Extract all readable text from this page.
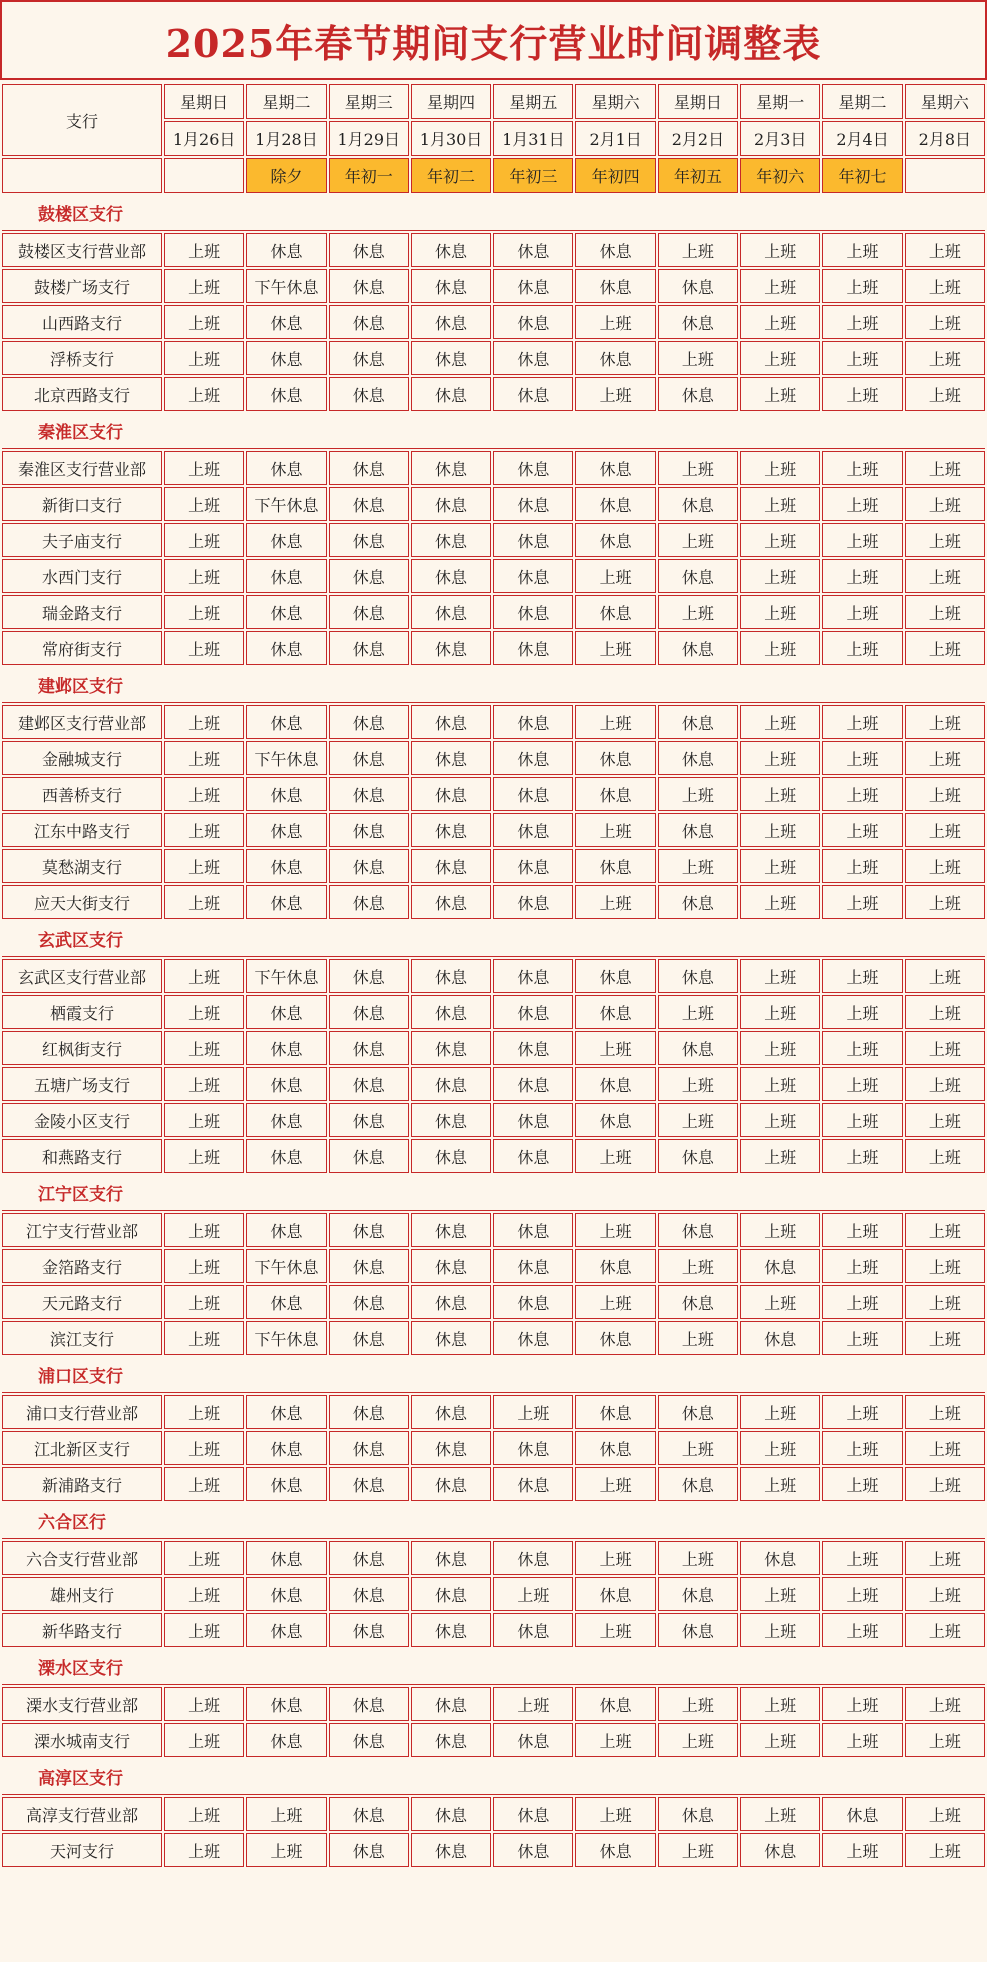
2025年春节期间支行营业时间调整表
支行	星期日	星期二	星期三	星期四	星期五	星期六	星期日	星期一	星期二	星期六
	1月26日	1月28日	1月29日	1月30日	1月31日	2月1日	2月2日	2月3日	2月4日	2月8日
		除夕	年初一	年初二	年初三	年初四	年初五	年初六	年初七	
鼓楼区支行										
鼓楼区支行营业部	上班	休息	休息	休息	休息	休息	上班	上班	上班	上班
鼓楼广场支行	上班	下午休息	休息	休息	休息	休息	休息	上班	上班	上班
山西路支行	上班	休息	休息	休息	休息	上班	休息	上班	上班	上班
浮桥支行	上班	休息	休息	休息	休息	休息	上班	上班	上班	上班
北京西路支行	上班	休息	休息	休息	休息	上班	休息	上班	上班	上班
秦淮区支行										
秦淮区支行营业部	上班	休息	休息	休息	休息	休息	上班	上班	上班	上班
新街口支行	上班	下午休息	休息	休息	休息	休息	休息	上班	上班	上班
夫子庙支行	上班	休息	休息	休息	休息	休息	上班	上班	上班	上班
水西门支行	上班	休息	休息	休息	休息	上班	休息	上班	上班	上班
瑞金路支行	上班	休息	休息	休息	休息	休息	上班	上班	上班	上班
常府街支行	上班	休息	休息	休息	休息	上班	休息	上班	上班	上班
建邺区支行										
建邺区支行营业部	上班	休息	休息	休息	休息	上班	休息	上班	上班	上班
金融城支行	上班	下午休息	休息	休息	休息	休息	休息	上班	上班	上班
西善桥支行	上班	休息	休息	休息	休息	休息	上班	上班	上班	上班
江东中路支行	上班	休息	休息	休息	休息	上班	休息	上班	上班	上班
莫愁湖支行	上班	休息	休息	休息	休息	休息	上班	上班	上班	上班
应天大街支行	上班	休息	休息	休息	休息	上班	休息	上班	上班	上班
玄武区支行										
玄武区支行营业部	上班	下午休息	休息	休息	休息	休息	休息	上班	上班	上班
栖霞支行	上班	休息	休息	休息	休息	休息	上班	上班	上班	上班
红枫街支行	上班	休息	休息	休息	休息	上班	休息	上班	上班	上班
五塘广场支行	上班	休息	休息	休息	休息	休息	上班	上班	上班	上班
金陵小区支行	上班	休息	休息	休息	休息	休息	上班	上班	上班	上班
和燕路支行	上班	休息	休息	休息	休息	上班	休息	上班	上班	上班
江宁区支行										
江宁支行营业部	上班	休息	休息	休息	休息	上班	休息	上班	上班	上班
金箔路支行	上班	下午休息	休息	休息	休息	休息	上班	休息	上班	上班
天元路支行	上班	休息	休息	休息	休息	上班	休息	上班	上班	上班
滨江支行	上班	下午休息	休息	休息	休息	休息	上班	休息	上班	上班
浦口区支行										
浦口支行营业部	上班	休息	休息	休息	上班	休息	休息	上班	上班	上班
江北新区支行	上班	休息	休息	休息	休息	休息	上班	上班	上班	上班
新浦路支行	上班	休息	休息	休息	休息	上班	休息	上班	上班	上班
六合区行										
六合支行营业部	上班	休息	休息	休息	休息	上班	上班	休息	上班	上班
雄州支行	上班	休息	休息	休息	上班	休息	休息	上班	上班	上班
新华路支行	上班	休息	休息	休息	休息	上班	休息	上班	上班	上班
溧水区支行										
溧水支行营业部	上班	休息	休息	休息	上班	休息	上班	上班	上班	上班
溧水城南支行	上班	休息	休息	休息	休息	上班	上班	上班	上班	上班
高淳区支行										
高淳支行营业部	上班	上班	休息	休息	休息	上班	休息	上班	休息	上班
天河支行	上班	上班	休息	休息	休息	休息	上班	休息	上班	上班
